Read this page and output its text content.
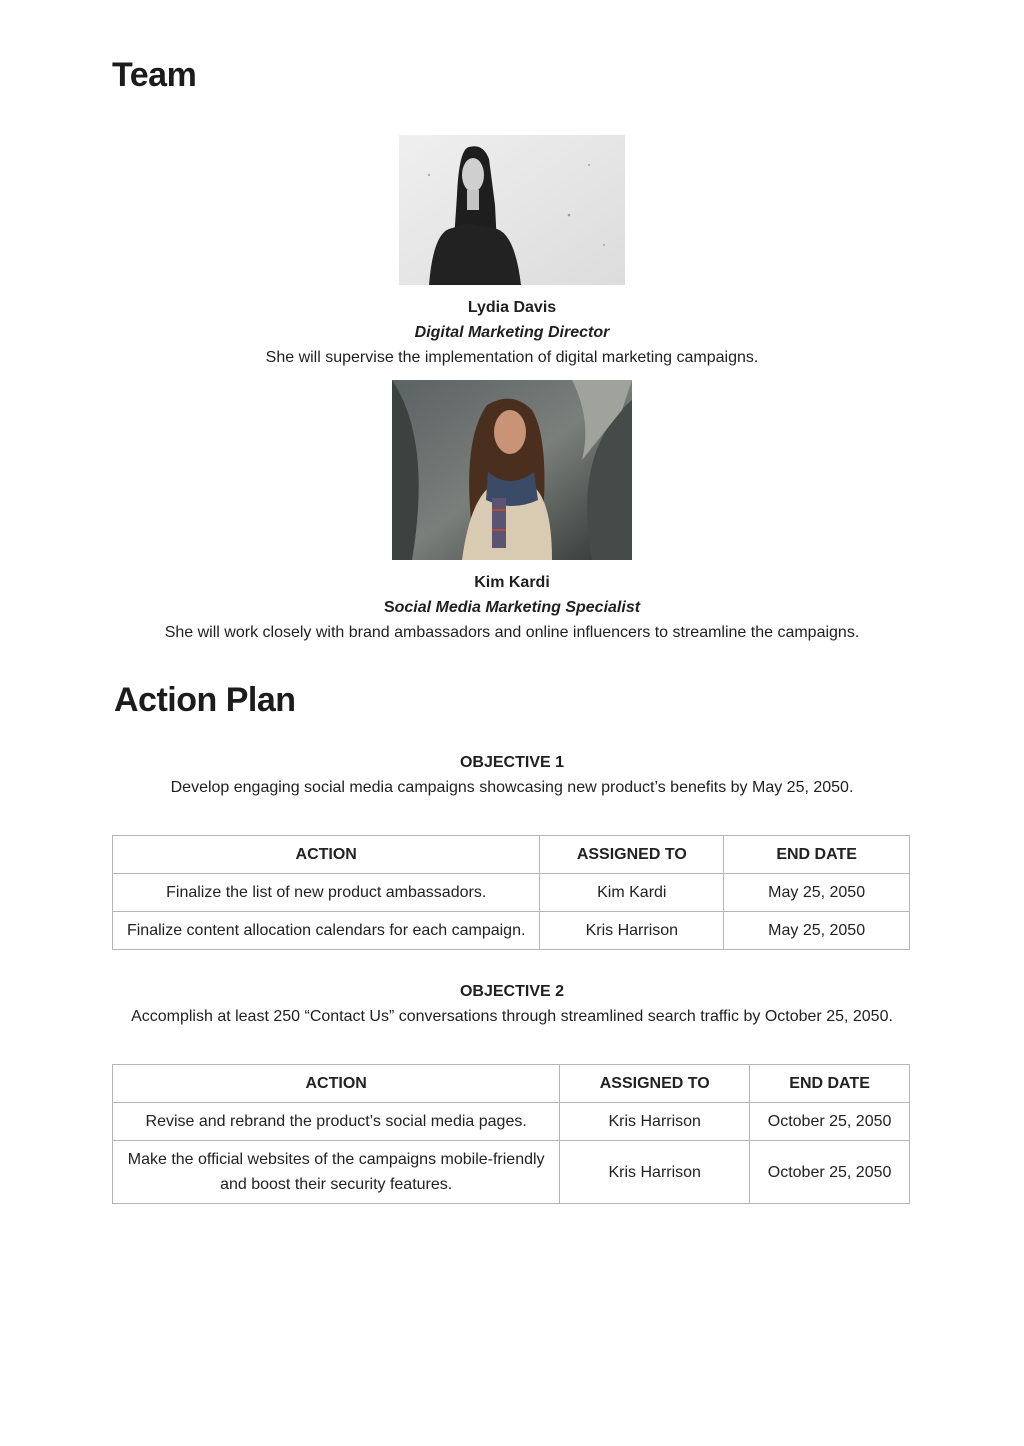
Team
Lydia Davis
Digital Marketing Director
She will supervise the implementation of digital marketing campaigns.
Kim Kardi
Social Media Marketing Specialist
She will work closely with brand ambassadors and online influencers to streamline the campaigns.
Action Plan
OBJECTIVE 1
Develop engaging social media campaigns showcasing new product’s benefits by May 25, 2050.
ACTION	ASSIGNED TO	END DATE
Finalize the list of new product ambassadors.	Kim Kardi	May 25, 2050
Finalize content allocation calendars for each campaign.	Kris Harrison	May 25, 2050
OBJECTIVE 2
Accomplish at least 250 “Contact Us” conversations through streamlined search traffic by October 25, 2050.
ACTION	ASSIGNED TO	END DATE
Revise and rebrand the product’s social media pages.	Kris Harrison	October 25, 2050
Make the official websites of the campaigns mobile-friendly and boost their security features.	Kris Harrison	October 25, 2050
